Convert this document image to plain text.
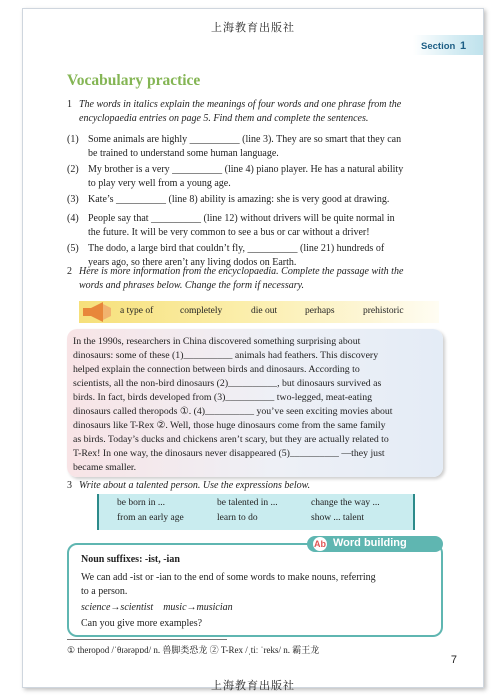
上海教育出版社
Section 1
Vocabulary practice
1 The words in italics explain the meanings of four words and one phrase from the
encyclopaedia entries on page 5. Find them and complete the sentences.
(1) Some animals are highly __________ (line 3). They are so smart that they can
be trained to understand some human language.
(2) My brother is a very __________ (line 4) piano player. He has a natural ability
to play very well from a young age.
(3) Kate’s __________ (line 8) ability is amazing: she is very good at drawing.
(4) People say that __________ (line 12) without drivers will be quite normal in
the future. It will be very common to see a bus or car without a driver!
(5) The dodo, a large bird that couldn’t fly, __________ (line 21) hundreds of
years ago, so there aren’t any living dodos on Earth.
2 Here is more information from the encyclopaedia. Complete the passage with the
words and phrases below. Change the form if necessary.
a type of	completely	die out	perhaps	prehistoric
In the 1990s, researchers in China discovered something surprising about
dinosaurs: some of these (1)__________ animals had feathers. This discovery
helped explain the connection between birds and dinosaurs. According to
scientists, all the non-bird dinosaurs (2)__________, but dinosaurs survived as
birds. In fact, birds developed from (3)__________ two-legged, meat-eating
dinosaurs called theropods ①. (4)__________ you’ve seen exciting movies about
dinosaurs like T-Rex ②. Well, those huge dinosaurs come from the same family
as birds. Today’s ducks and chickens aren’t scary, but they are actually related to
T-Rex! In one way, the dinosaurs never disappeared (5)__________ —they just
became smaller.
3 Write about a talented person. Use the expressions below.
be born in ...	be talented in ...	change the way ...
from an early age	learn to do	show ... talent
Noun suffixes: -ist, -ian
We can add -ist or -ian to the end of some words to make nouns, referring
to a person.
science→scientist    music→musician
Can you give more examples?
Word building
Ab
① theropod /ˈθɪərəpɒd/ n. 兽脚类恐龙 ② T-Rex /ˌtiː ˈreks/ n. 霸王龙
7
上海教育出版社
